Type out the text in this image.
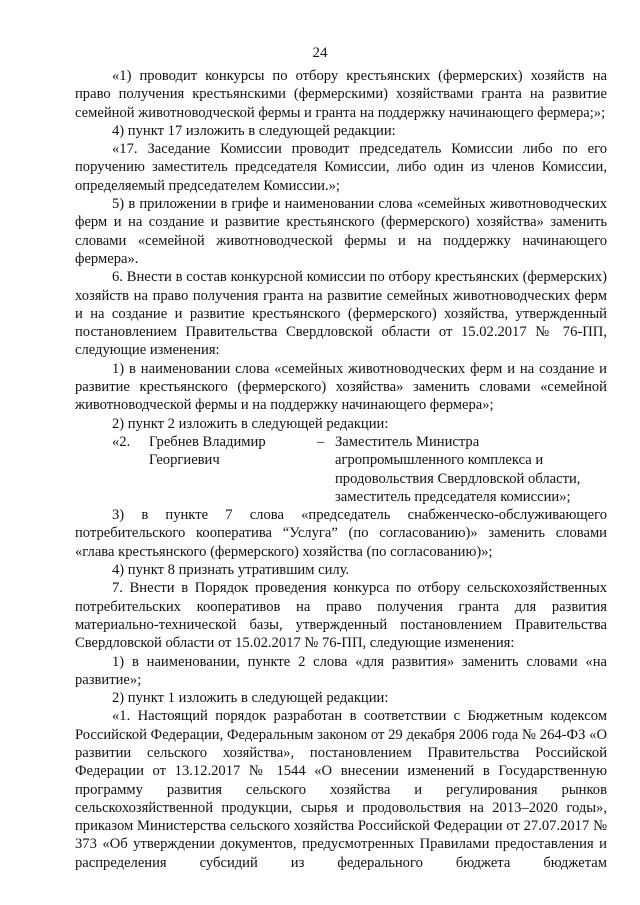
24

«1) проводит конкурсы по отбору крестьянских (фермерских) хозяйств на право получения крестьянскими (фермерскими) хозяйствами гранта на развитие семейной животноводческой фермы и гранта на поддержку начинающего фермера;»;

4) пункт 17 изложить в следующей редакции:

«17. Заседание Комиссии проводит председатель Комиссии либо по его поручению заместитель председателя Комиссии, либо один из членов Комиссии, определяемый председателем Комиссии.»;

5) в приложении в грифе и наименовании слова «семейных животноводческих ферм и на создание и развитие крестьянского (фермерского) хозяйства» заменить словами «семейной животноводческой фермы и на поддержку начинающего фермера».

6. Внести в состав конкурсной комиссии по отбору крестьянских (фермерских) хозяйств на право получения гранта на развитие семейных животноводческих ферм и на создание и развитие крестьянского (фермерского) хозяйства, утвержденный постановлением Правительства Свердловской области от 15.02.2017 № 76-ПП, следующие изменения:

1) в наименовании слова «семейных животноводческих ферм и на создание и развитие крестьянского (фермерского) хозяйства» заменить словами «семейной животноводческой фермы и на поддержку начинающего фермера»;

2) пункт 2 изложить в следующей редакции:

«2.	Гребнев Владимир Георгиевич
– Заместитель Министра агропромышленного комплекса и продовольствия Свердловской области, заместитель председателя комиссии»;

3) в пункте 7 слова «председатель снабженческо-обслуживающего потребительского кооператива “Услуга” (по согласованию)» заменить словами «глава крестьянского (фермерского) хозяйства (по согласованию)»;

4) пункт 8 признать утратившим силу.

7. Внести в Порядок проведения конкурса по отбору сельскохозяйственных потребительских кооперативов на право получения гранта для развития материально-технической базы, утвержденный постановлением Правительства Свердловской области от 15.02.2017 № 76-ПП, следующие изменения:

1) в наименовании, пункте 2 слова «для развития» заменить словами «на развитие»;

2) пункт 1 изложить в следующей редакции:

«1. Настоящий порядок разработан в соответствии с Бюджетным кодексом Российской Федерации, Федеральным законом от 29 декабря 2006 года № 264-ФЗ «О развитии сельского хозяйства», постановлением Правительства Российской Федерации от 13.12.2017 № 1544 «О внесении изменений в Государственную программу развития сельского хозяйства и регулирования рынков сельскохозяйственной продукции, сырья и продовольствия на 2013–2020 годы», приказом Министерства сельского хозяйства Российской Федерации от 27.07.2017 № 373 «Об утверждении документов, предусмотренных Правилами предоставления и распределения субсидий из федерального бюджета бюджетам
